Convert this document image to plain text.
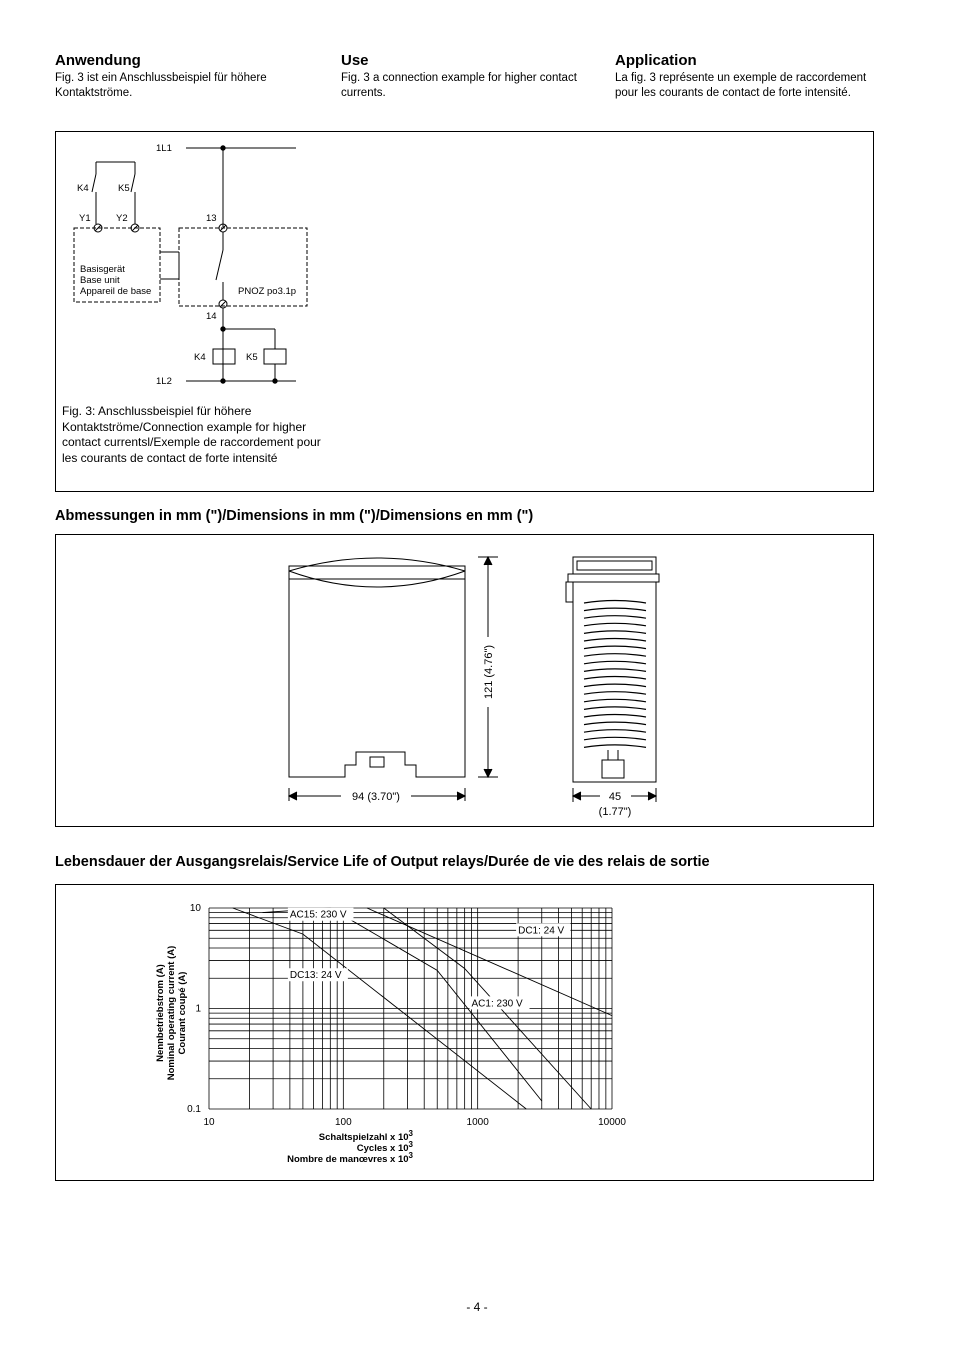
Anwendung

Fig. 3 ist ein Anschlussbeispiel für höhere Kontaktströme.

Use

Fig. 3 a connection example for higher contact currents.

Application

La fig. 3 représente un exemple de raccordement pour les courants de contact de forte intensité.

1L1
K4	K5
Y1	Y2	13
Basisgerät
Base unit
Appareil de base	PNOZ po3.1p
14
K4	K5
1L2

Fig. 3: Anschlussbeispiel für höhere Kontaktströme/Connection example for higher contact currentsl/Exemple de raccordement pour les courants de contact de forte intensité

Abmessungen in mm (")/Dimensions in mm (")/Dimensions en mm (")

121 (4.76")
94 (3.70")	45
(1.77")

Lebensdauer der Ausgangsrelais/Service Life of Output relays/Durée de vie des relais de sortie

AC15: 230 V
DC1: 24 V
DC13: 24 V
AC1: 230 V
10	100	1000	10000
10
1
0.1
Nennbetriebstrom (A) Nominal operating current (A) Courant coupé (A)
Schaltspielzahl x $10^3$
Cycles x $10^3$
Nombre de manœvres x $10^3$
- 4 -
